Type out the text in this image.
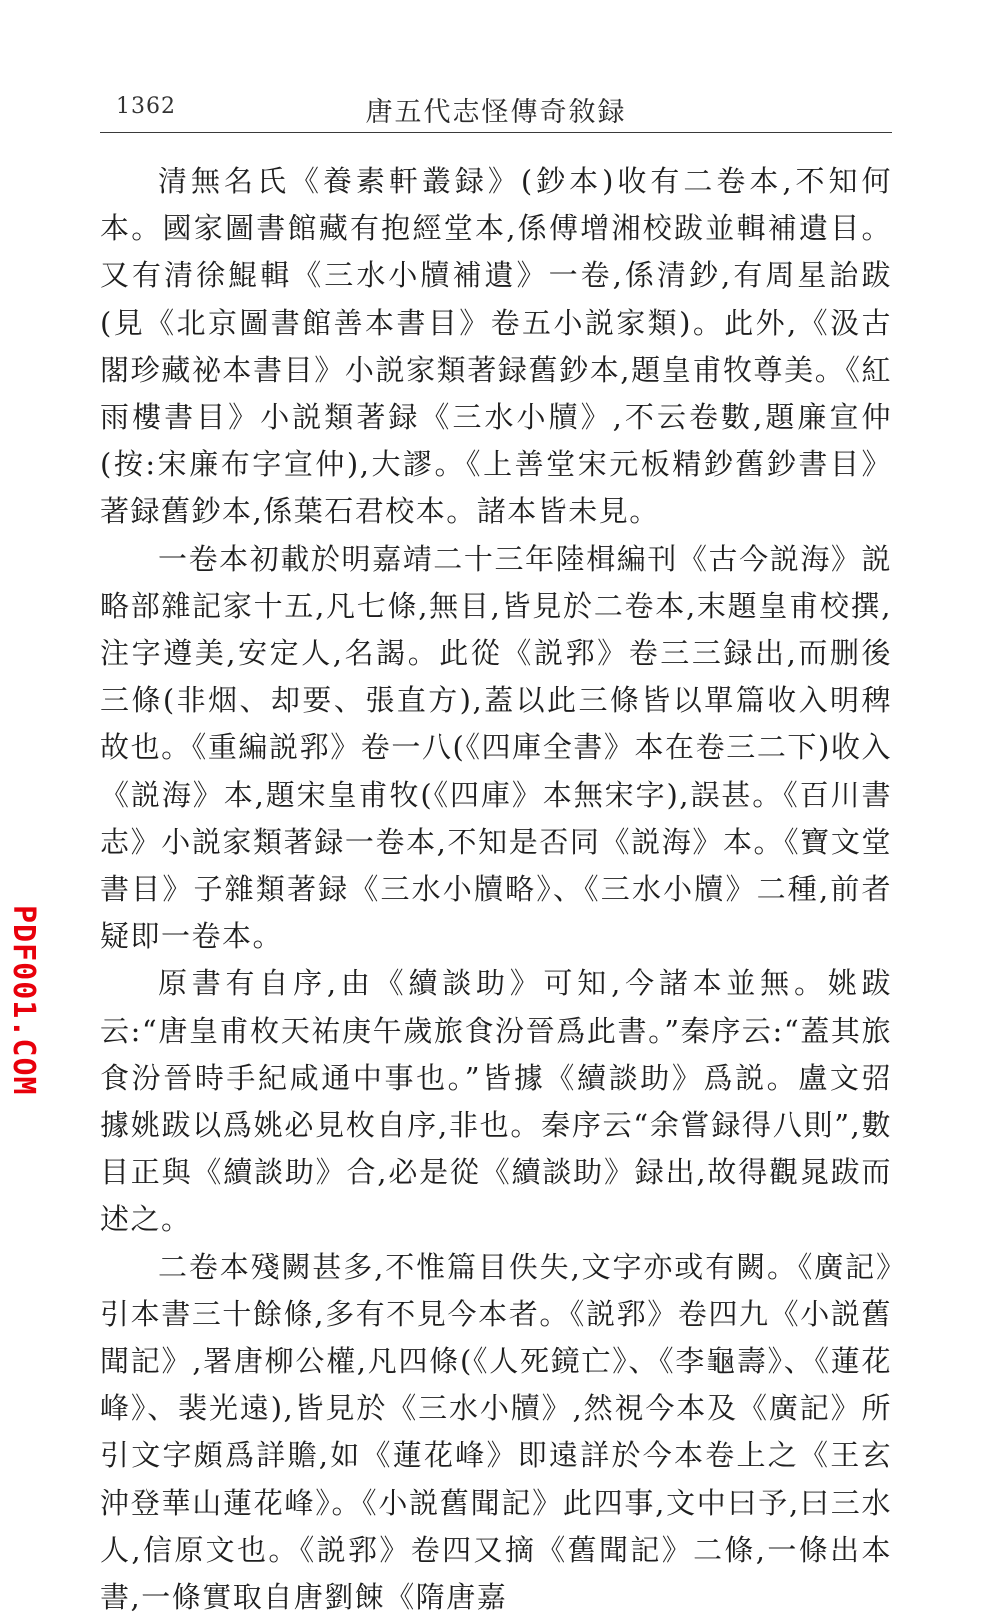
1362	唐五代志怪傳奇敘録

清無名氏《養素軒叢録》(鈔本)收有二卷本,不知何本。國家圖書館藏有抱經堂本,係傅增湘校跋並輯補遺目。又有清徐鯤輯《三水小牘補遺》一卷,係清鈔,有周星詒跋(見《北京圖書館善本書目》卷五小説家類)。此外,《汲古閣珍藏祕本書目》小説家類著録舊鈔本,題皇甫牧尊美。《紅雨樓書目》小説類著録《三水小牘》,不云卷數,題廉宣仲(按:宋廉布字宣仲),大謬。《上善堂宋元板精鈔舊鈔書目》著録舊鈔本,係葉石君校本。諸本皆未見。

一卷本初載於明嘉靖二十三年陸楫編刊《古今説海》説略部雜記家十五,凡七條,無目,皆見於二卷本,末題皇甫校撰,注字遵美,安定人,名謁。此從《説郛》卷三三録出,而删後三條(非烟、却要、張直方),蓋以此三條皆以單篇收入明稗故也。《重編説郛》卷一八(《四庫全書》本在卷三二下)收入《説海》本,題宋皇甫牧(《四庫》本無宋字),誤甚。《百川書志》小説家類著録一卷本,不知是否同《説海》本。《寶文堂書目》子雜類著録《三水小牘略》、《三水小牘》二種,前者疑即一卷本。

原書有自序,由《續談助》可知,今諸本並無。姚跋云:“唐皇甫枚天祐庚午歲旅食汾晉爲此書。”秦序云:“蓋其旅食汾晉時手紀咸通中事也。”皆據《續談助》爲説。盧文弨據姚跋以爲姚必見枚自序,非也。秦序云“余嘗録得八則”,數目正與《續談助》合,必是從《續談助》録出,故得觀晁跋而述之。

二卷本殘闕甚多,不惟篇目佚失,文字亦或有闕。《廣記》引本書三十餘條,多有不見今本者。《説郛》卷四九《小説舊聞記》,署唐柳公權,凡四條(《人死鏡亡》、《李龜壽》、《蓮花峰》、裴光遠),皆見於《三水小牘》,然視今本及《廣記》所引文字頗爲詳贍,如《蓮花峰》即遠詳於今本卷上之《王玄沖登華山蓮花峰》。《小説舊聞記》此四事,文中曰予,曰三水人,信原文也。《説郛》卷四又摘《舊聞記》二條,一條出本書,一條實取自唐劉餗《隋唐嘉

PDF001.COM
